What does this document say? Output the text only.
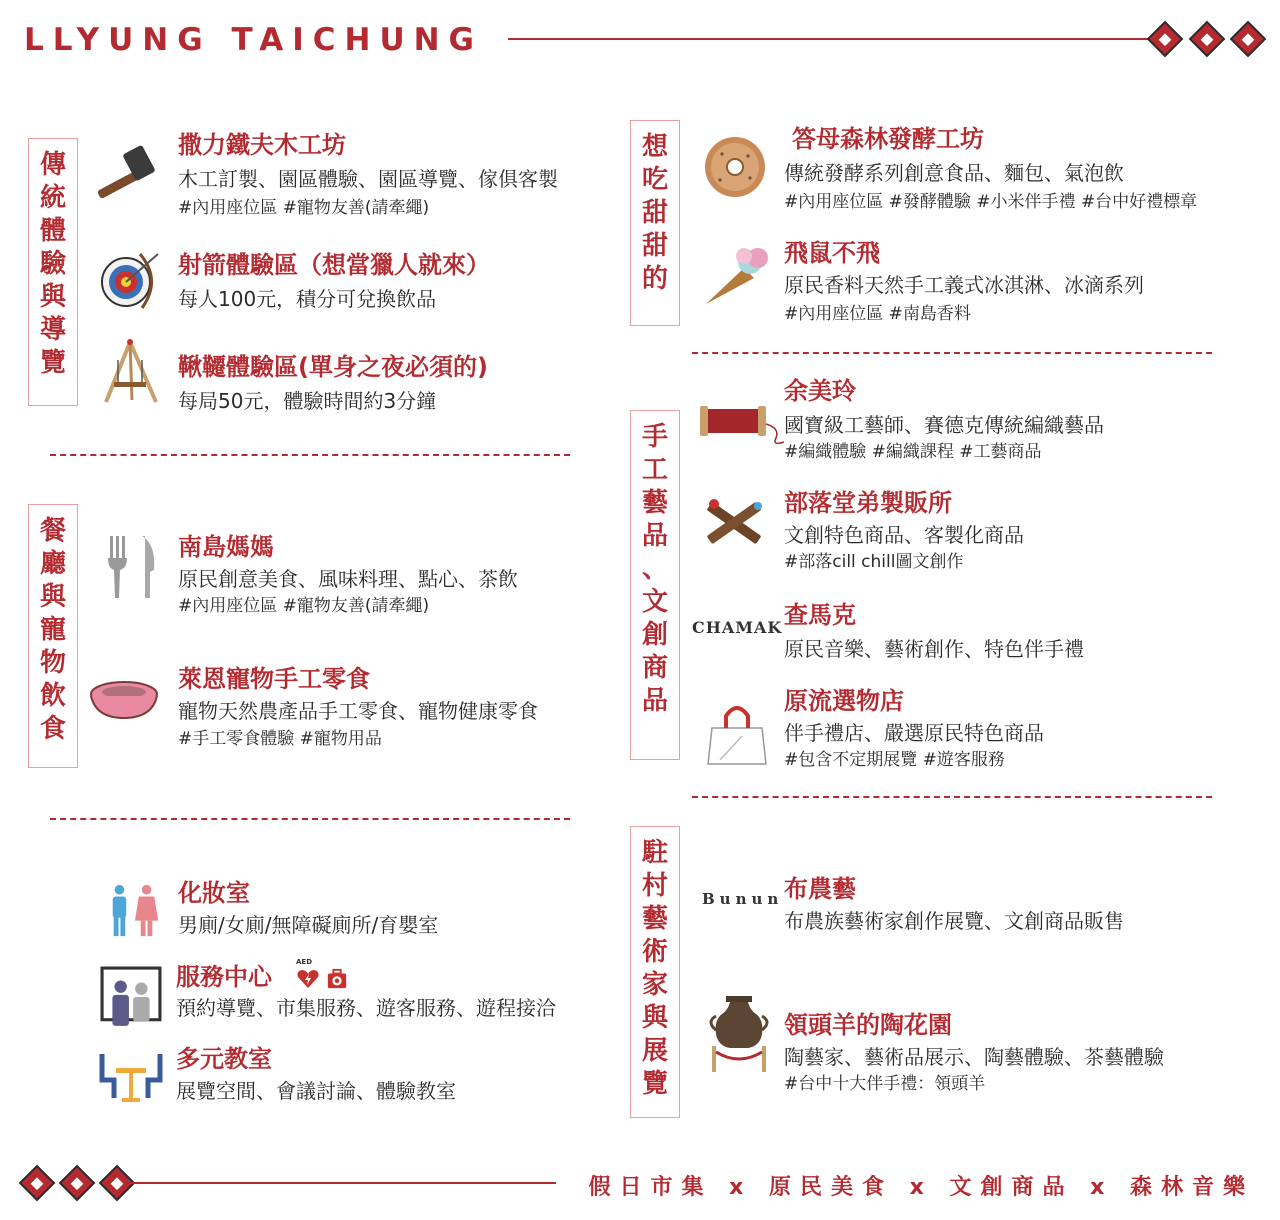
LLYUNG TAICHUNG
傳
統
體
驗
與
導
覽
餐
廳
與
寵
物
飲
食
想
吃
甜
甜
的
手
工
藝
品
、
文
創
商
品
駐
村
藝
術
家
與
展
覽
撒力鐵夫木工坊
木工訂製、園區體驗、園區導覽、傢俱客製
#內用座位區 #寵物友善(請牽繩)
射箭體驗區（想當獵人就來）
每人100元，積分可兌換飲品
鞦韆體驗區(單身之夜必須的)
每局50元，體驗時間約3分鐘
南島媽媽
原民創意美食、風味料理、點心、茶飲
#內用座位區 #寵物友善(請牽繩)
萊恩寵物手工零食
寵物天然農產品手工零食、寵物健康零食
#手工零食體驗 #寵物用品
化妝室
男廁/女廁/無障礙廁所/育嬰室
服務中心
AED
預約導覽、市集服務、遊客服務、遊程接洽
多元教室
展覽空間、會議討論、體驗教室
答母森林發酵工坊
傳統發酵系列創意食品、麵包、氣泡飲
#內用座位區 #發酵體驗 #小米伴手禮 #台中好禮標章
飛鼠不飛
原民香料天然手工義式冰淇淋、冰滴系列
#內用座位區 #南島香料
余美玲
國寶級工藝師、賽德克傳統編織藝品
#編織體驗 #編織課程 #工藝商品
部落堂弟製販所
文創特色商品、客製化商品
#部落cill chill圖文創作
CHAMAK 查馬克
原民音樂、藝術創作、特色伴手禮
原流選物店
伴手禮店、嚴選原民特色商品
#包含不定期展覽 #遊客服務
Bunun 布農藝
布農族藝術家創作展覽、文創商品販售
領頭羊的陶花園
陶藝家、藝術品展示、陶藝體驗、茶藝體驗
#台中十大伴手禮：領頭羊
假日市集 x 原民美食 x 文創商品 x 森林音樂
